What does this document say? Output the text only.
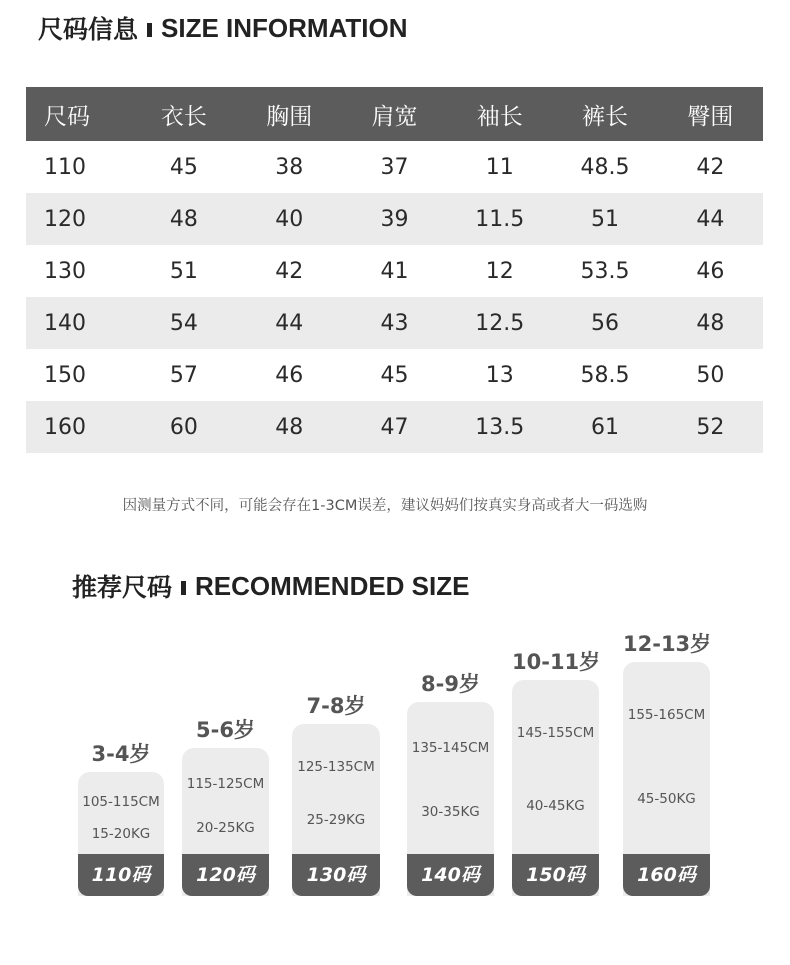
尺码信息 SIZE INFORMATION
尺码	衣长	胸围	肩宽	袖长	裤长	臀围
110	45	38	37	11	48.5	42
120	48	40	39	11.5	51	44
130	51	42	41	12	53.5	46
140	54	44	43	12.5	56	48
150	57	46	45	13	58.5	50
160	60	48	47	13.5	61	52
因测量方式不同，可能会存在1-3CM误差，建议妈妈们按真实身高或者大一码选购
推荐尺码 RECOMMENDED SIZE
3-4岁
105-115CM
15-20KG
110码
5-6岁
115-125CM
20-25KG
120码
7-8岁
125-135CM
25-29KG
130码
8-9岁
135-145CM
30-35KG
140码
10-11岁
145-155CM
40-45KG
150码
12-13岁
155-165CM
45-50KG
160码
